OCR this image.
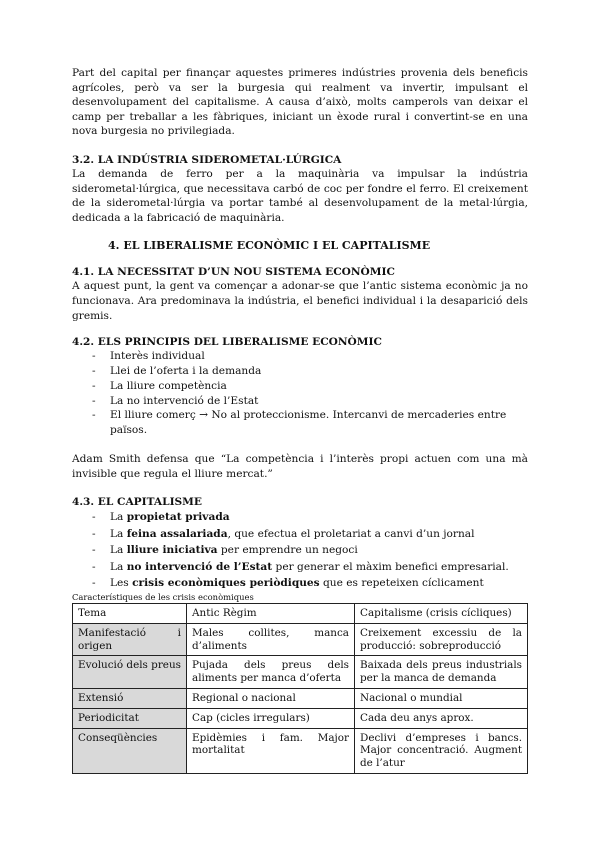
Part del capital per finançar aquestes primeres indústries provenia dels beneficis agrícoles, però va ser la burgesia qui realment va invertir, impulsant el desenvolupament del capitalisme. A causa d’això, molts camperols van deixar el camp per treballar a les fàbriques, iniciant un èxode rural i convertint-se en una nova burgesia no privilegiada.

3.2. LA INDÚSTRIA SIDEROMETAL·LÚRGICA

La demanda de ferro per a la maquinària va impulsar la indústria siderometal·lúrgica, que necessitava carbó de coc per fondre el ferro. El creixement de la siderometal·lúrgia va portar també al desenvolupament de la metal·lúrgia, dedicada a la fabricació de maquinària.

4. EL LIBERALISME ECONÒMIC I EL CAPITALISME
4.1. LA NECESSITAT D’UN NOU SISTEMA ECONÒMIC

A aquest punt, la gent va començar a adonar-se que l’antic sistema econòmic ja no funcionava. Ara predominava la indústria, el benefici individual i la desaparició dels gremis.

4.2. ELS PRINCIPIS DEL LIBERALISME ECONÒMIC
- Interès individual
- Llei de l’oferta i la demanda
- La lliure competència
- La no intervenció de l’Estat
- El lliure comerç → No al proteccionisme. Intercanvi de mercaderies entre països.

Adam Smith defensa que “La competència i l’interès propi actuen com una mà invisible que regula el lliure mercat.”

4.3. EL CAPITALISME
- La propietat privada
- La feina assalariada, que efectua el proletariat a canvi d’un jornal
- La lliure iniciativa per emprendre un negoci
- La no intervenció de l’Estat per generar el màxim benefici empresarial.
- Les crisis econòmiques periòdiques que es repeteixen cíclicament
Característiques de les crisis econòmiques
Tema	Antic Règim	Capitalisme (crisis cícliques)
Manifestació i origen	Males collites, manca d’aliments	Creixement excessiu de la producció: sobreproducció
Evolució dels preus	Pujada dels preus dels aliments per manca d’oferta	Baixada dels preus industrials per la manca de demanda
Extensió	Regional o nacional	Nacional o mundial
Periodicitat	Cap (cicles irregulars)	Cada deu anys aprox.
Conseqüències	Epidèmies i fam. Major mortalitat	Declivi d’empreses i bancs. Major concentració. Augment de l’atur
